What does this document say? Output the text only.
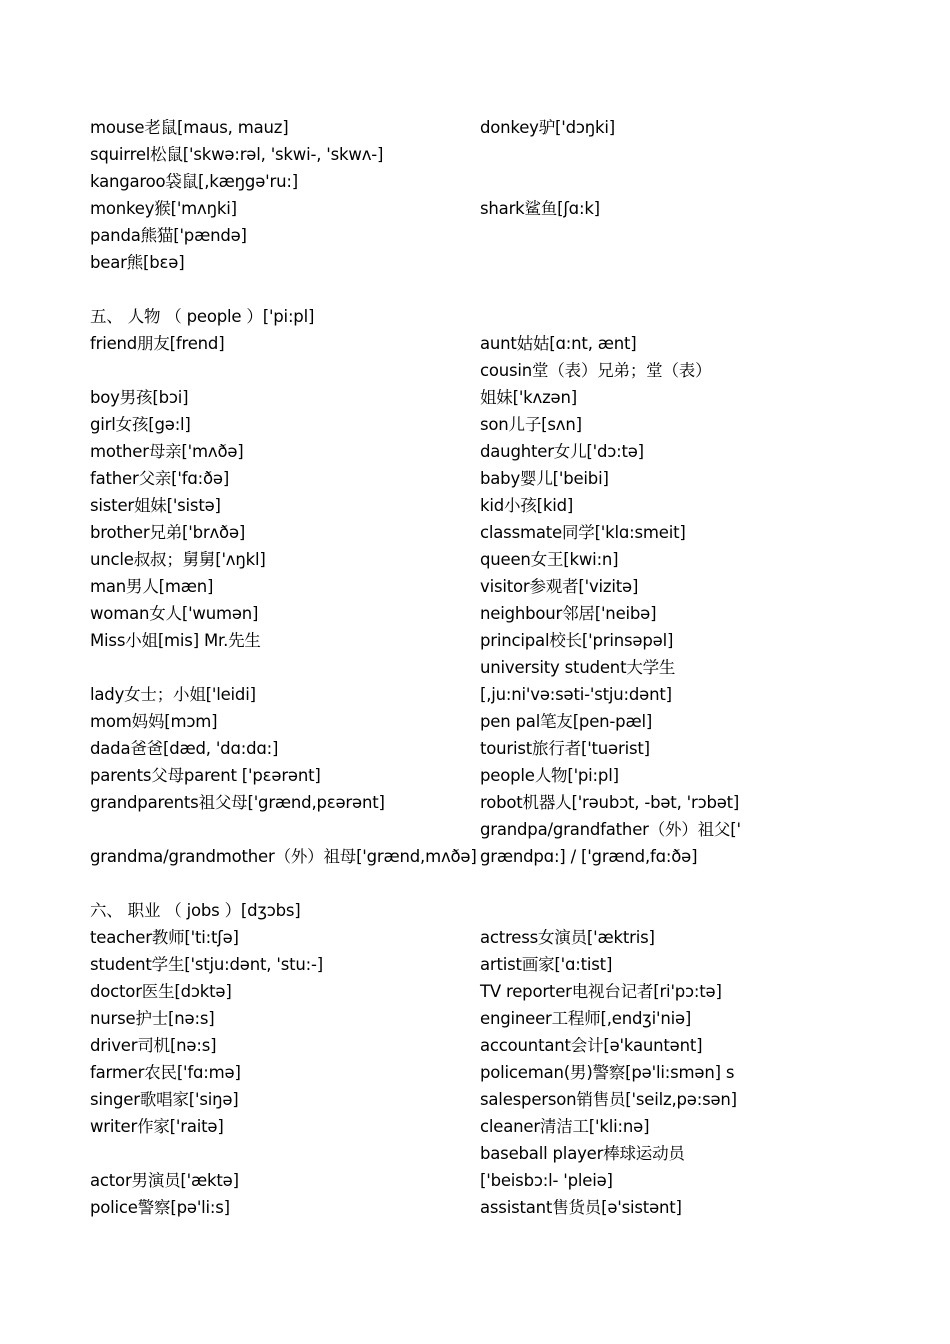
mouse老鼠[maus, mauz]
squirrel松鼠['skwə:rəl, 'skwi-, 'skwʌ-]
kangaroo袋鼠[,kæŋgə'ru:]
monkey猴['mʌŋki]
panda熊猫['pændə]
bear熊[bɛə]
五、 人物 （ people ）['pi:pl]
friend朋友[frend]
boy男孩[bɔi]
girl女孩[gə:l]
mother母亲['mʌðə]
father父亲['fɑ:ðə]
sister姐妹['sistə]
brother兄弟['brʌðə]
uncle叔叔；舅舅['ʌŋkl]
man男人[mæn]
woman女人['wumən]
Miss小姐[mis] Mr.先生
lady女士；小姐['leidi]
mom妈妈[mɔm]
dada爸爸[dæd, 'dɑ:dɑ:]
parents父母parent ['pɛərənt]
grandparents祖父母['grænd,pɛərənt]
grandma/grandmother（外）祖母['grænd,mʌðə]
六、 职业 （ jobs ）[dʒɔbs]
teacher教师['ti:tʃə]
student学生['stju:dənt, 'stu:-]
doctor医生[dɔktə]
nurse护士[nə:s]
driver司机[nə:s]
farmer农民['fɑ:mə]
singer歌唱家['siŋə]
writer作家['raitə]
actor男演员['æktə]
police警察[pə'li:s]
donkey驴['dɔŋki]
shark鲨鱼[ʃɑ:k]
aunt姑姑[ɑ:nt, ænt]
cousin堂（表）兄弟；堂（表）
姐妹['kʌzən]
son儿子[sʌn]
daughter女儿['dɔ:tə]
baby婴儿['beibi]
kid小孩[kid]
classmate同学['klɑ:smeit]
queen女王[kwi:n]
visitor参观者['vizitə]
neighbour邻居['neibə]
principal校长['prinsəpəl]
university student大学生
[,ju:ni'və:səti-'stju:dənt]
pen pal笔友[pen-pæl]
tourist旅行者['tuərist]
people人物['pi:pl]
robot机器人['rəubɔt, -bət, 'rɔbət]
grandpa/grandfather（外）祖父['
grændpɑ:] / ['grænd,fɑ:ðə]
actress女演员['æktris]
artist画家['ɑ:tist]
TV reporter电视台记者[ri'pɔ:tə]
engineer工程师[,endʒi'niə]
accountant会计[ə'kauntənt]
policeman(男)警察[pə'li:smən] s
salesperson销售员['seilz,pə:sən]
cleaner清洁工['kli:nə]
baseball player棒球运动员
['beisbɔ:l- 'pleiə]
assistant售货员[ə'sistənt]
